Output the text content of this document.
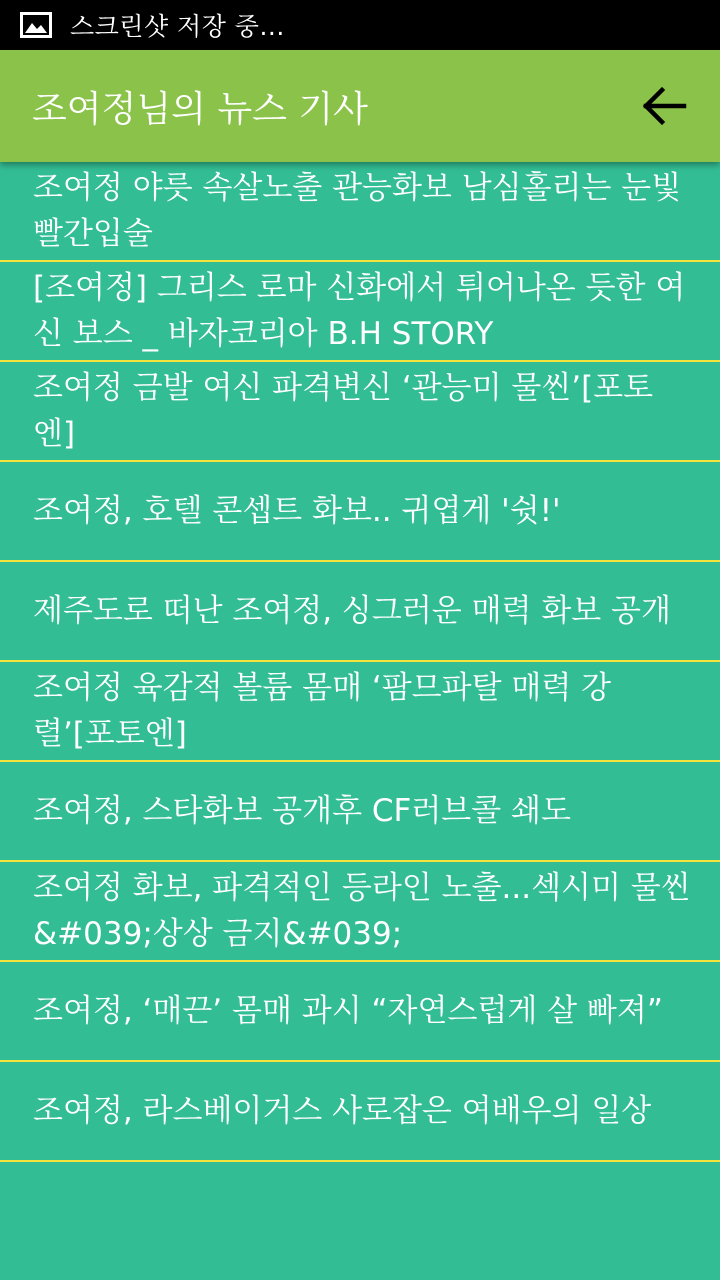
스크린샷 저장 중...
조여정님의 뉴스 기사
조여정 야릇 속살노출 관능화보 남심홀리는 눈빛 빨간입술
[조여정] 그리스 로마 신화에서 튀어나온 듯한 여신 보스 _ 바자코리아 B.H STORY
조여정 금발 여신 파격변신 ‘관능미 물씬’[포토엔]
조여정, 호텔 콘셉트 화보.. 귀엽게 '쉿!'
제주도로 떠난 조여정, 싱그러운 매력 화보 공개
조여정 육감적 볼륨 몸매 ‘팜므파탈 매력 강렬’[포토엔]
조여정, 스타화보 공개후 CF러브콜 쇄도
조여정 화보, 파격적인 등라인 노출...섹시미 물씬 &#039;상상 금지&#039;
조여정, ‘매끈’ 몸매 과시 “자연스럽게 살 빠져”
조여정, 라스베이거스 사로잡은 여배우의 일상
